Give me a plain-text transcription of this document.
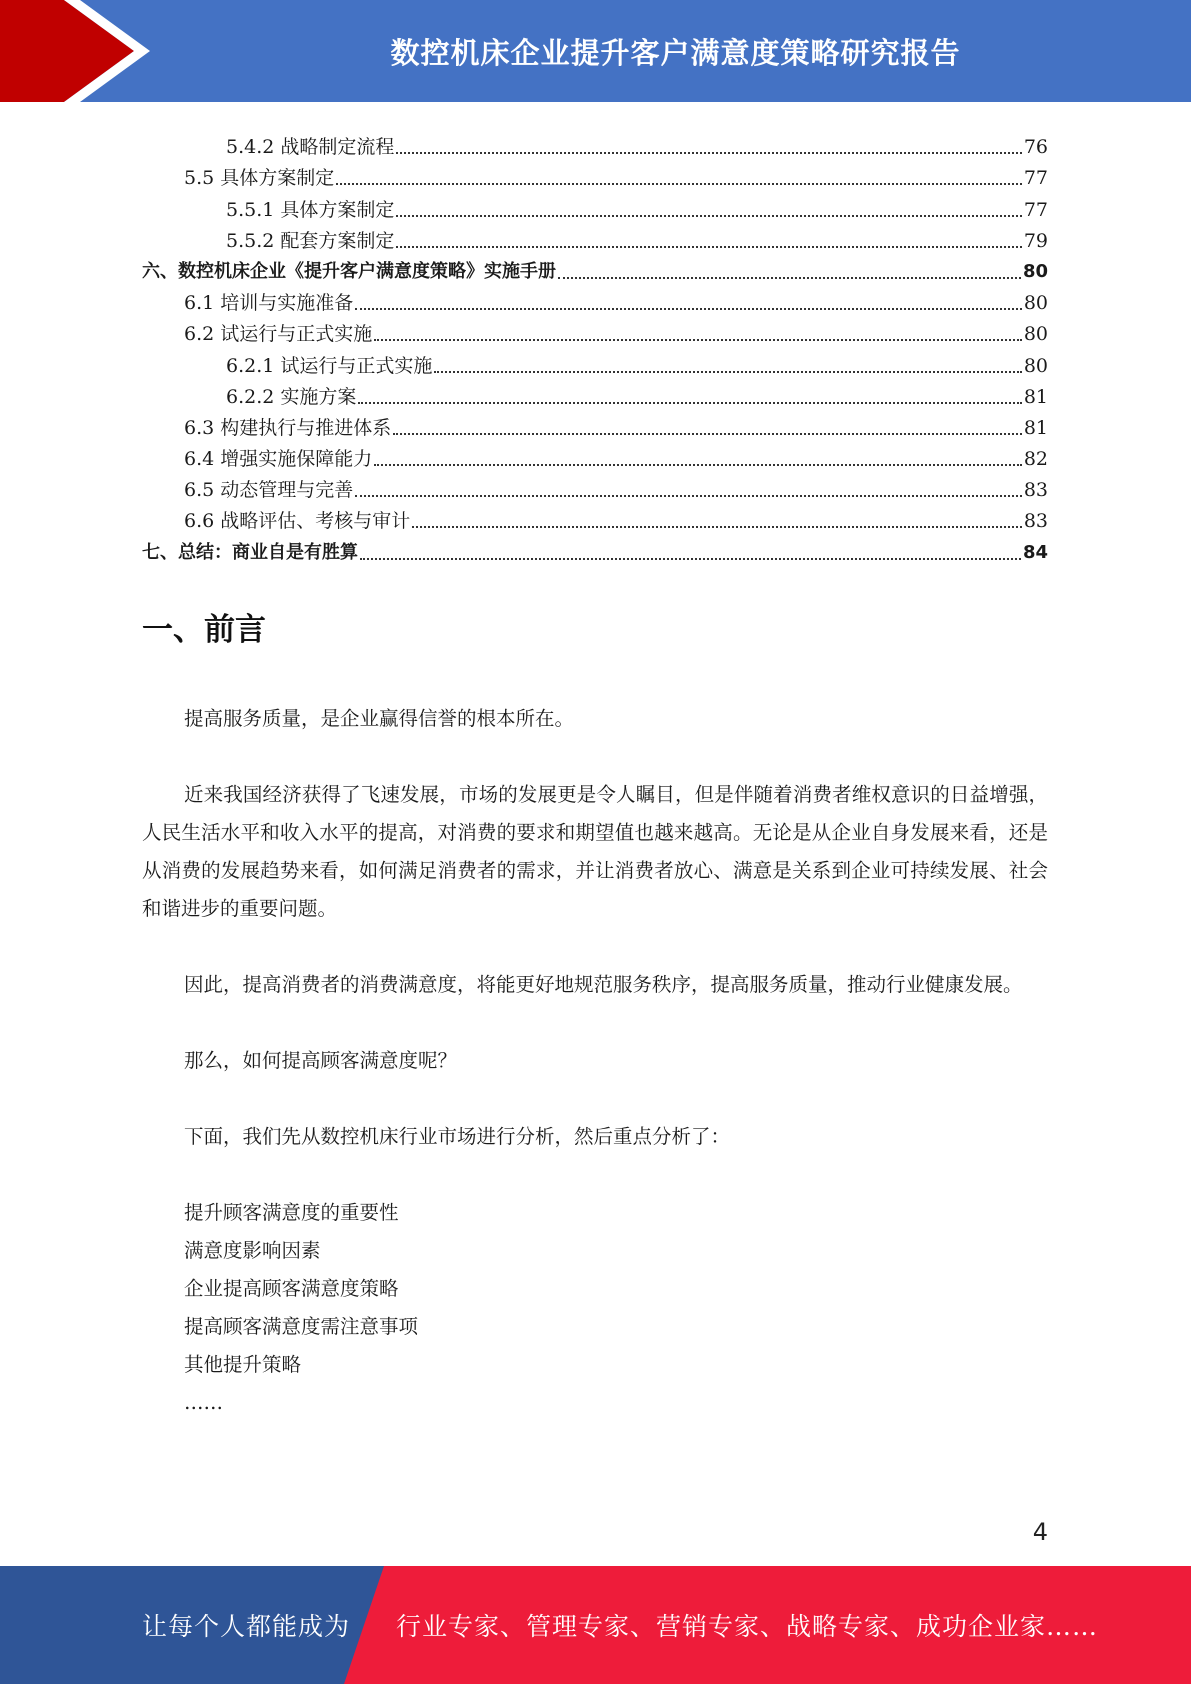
数控机床企业提升客户满意度策略研究报告
5.4.2 战略制定流程	76
5.5 具体方案制定	77
5.5.1 具体方案制定	77
5.5.2 配套方案制定	79
六、数控机床企业《提升客户满意度策略》实施手册	80
6.1 培训与实施准备	80
6.2 试运行与正式实施	80
6.2.1 试运行与正式实施	80
6.2.2 实施方案	81
6.3 构建执行与推进体系	81
6.4 增强实施保障能力	82
6.5 动态管理与完善	83
6.6 战略评估、考核与审计	83
七、总结：商业自是有胜算	84
一、前言

提高服务质量，是企业赢得信誉的根本所在。

近来我国经济获得了飞速发展，市场的发展更是令人瞩目，但是伴随着消费者维权意识的日益增强，人民生活水平和收入水平的提高，对消费的要求和期望值也越来越高。无论是从企业自身发展来看，还是从消费的发展趋势来看，如何满足消费者的需求，并让消费者放心、满意是关系到企业可持续发展、社会和谐进步的重要问题。

因此，提高消费者的消费满意度，将能更好地规范服务秩序，提高服务质量，推动行业健康发展。

那么，如何提高顾客满意度呢？

下面，我们先从数控机床行业市场进行分析，然后重点分析了：

提升顾客满意度的重要性

满意度影响因素

企业提高顾客满意度策略

提高顾客满意度需注意事项

其他提升策略

……

4
让每个人都能成为 行业专家、管理专家、营销专家、战略专家、成功企业家……
